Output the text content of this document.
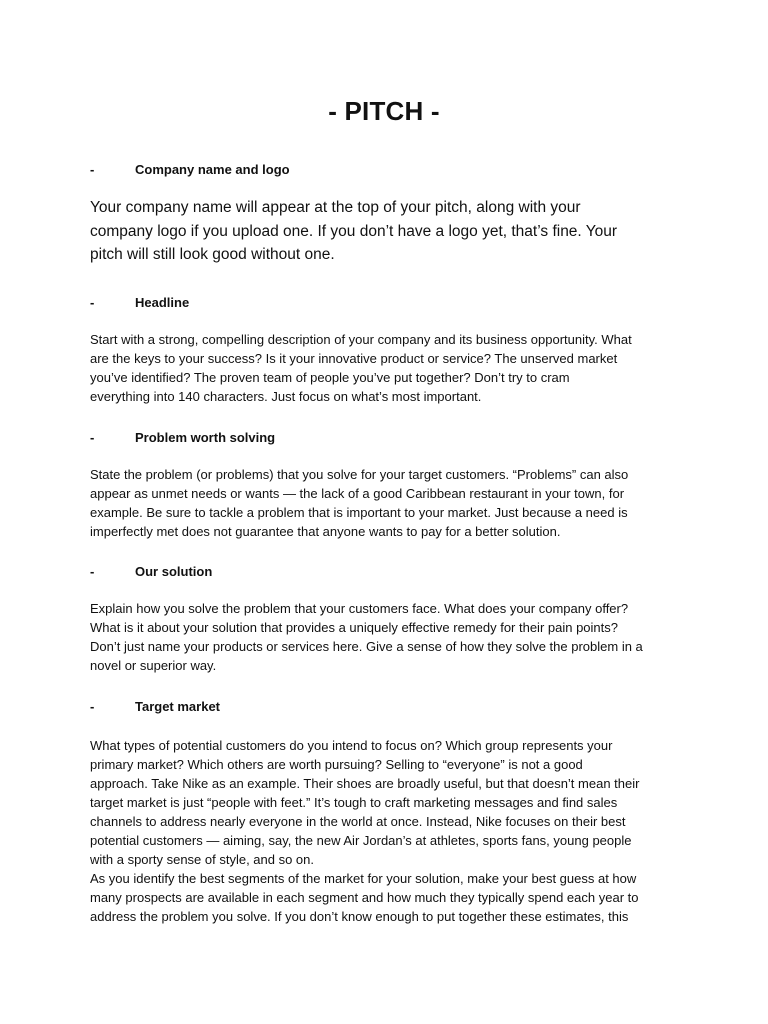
- PITCH -
-	Company name and logo
Your company name will appear at the top of your pitch, along with your
company logo if you upload one. If you don’t have a logo yet, that’s fine. Your
pitch will still look good without one.
-	Headline
Start with a strong, compelling description of your company and its business opportunity. What
are the keys to your success? Is it your innovative product or service? The unserved market
you’ve identified? The proven team of people you’ve put together? Don’t try to cram
everything into 140 characters. Just focus on what’s most important.
-	Problem worth solving
State the problem (or problems) that you solve for your target customers. “Problems” can also
appear as unmet needs or wants — the lack of a good Caribbean restaurant in your town, for
example. Be sure to tackle a problem that is important to your market. Just because a need is
imperfectly met does not guarantee that anyone wants to pay for a better solution.
-	Our solution
Explain how you solve the problem that your customers face. What does your company offer?
What is it about your solution that provides a uniquely effective remedy for their pain points?
Don’t just name your products or services here. Give a sense of how they solve the problem in a
novel or superior way.
-	Target market
What types of potential customers do you intend to focus on? Which group represents your
primary market? Which others are worth pursuing? Selling to “everyone” is not a good
approach. Take Nike as an example. Their shoes are broadly useful, but that doesn’t mean their
target market is just “people with feet.” It’s tough to craft marketing messages and find sales
channels to address nearly everyone in the world at once. Instead, Nike focuses on their best
potential customers — aiming, say, the new Air Jordan’s at athletes, sports fans, young people
with a sporty sense of style, and so on.
As you identify the best segments of the market for your solution, make your best guess at how
many prospects are available in each segment and how much they typically spend each year to
address the problem you solve. If you don’t know enough to put together these estimates, this
